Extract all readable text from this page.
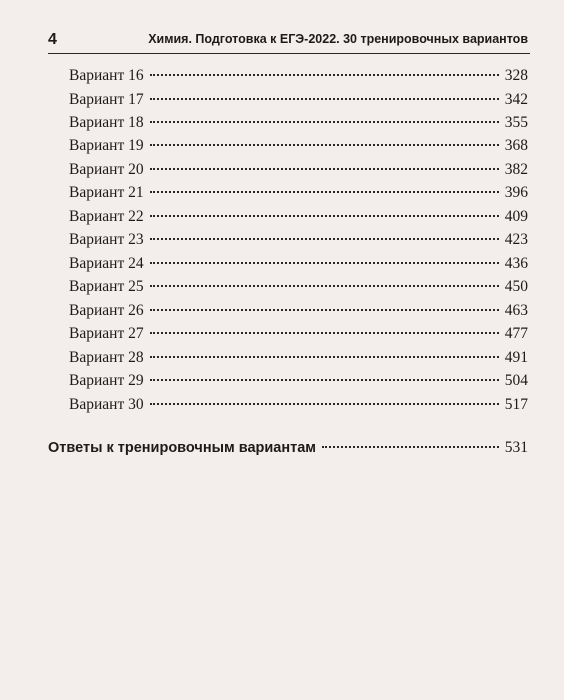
4	Химия. Подготовка к ЕГЭ-2022. 30 тренировочных вариантов

Вариант 16	328
Вариант 17	342
Вариант 18	355
Вариант 19	368
Вариант 20	382
Вариант 21	396
Вариант 22	409
Вариант 23	423
Вариант 24	436
Вариант 25	450
Вариант 26	463
Вариант 27	477
Вариант 28	491
Вариант 29	504
Вариант 30	517
Ответы к тренировочным вариантам	531
